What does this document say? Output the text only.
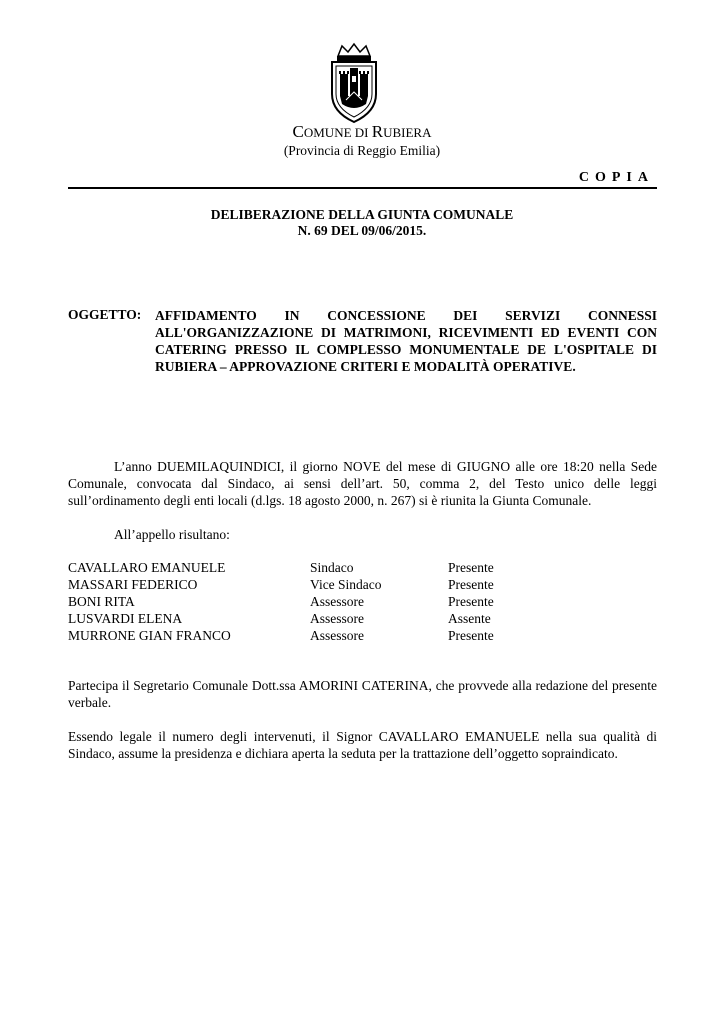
COMUNE DI RUBIERA
(Provincia di Reggio Emilia)
COPIA
DELIBERAZIONE DELLA GIUNTA COMUNALE
N. 69 DEL 09/06/2015.
OGGETTO: AFFIDAMENTO IN CONCESSIONE DEI SERVIZI CONNESSI ALL'ORGANIZZAZIONE DI MATRIMONI, RICEVIMENTI ED EVENTI CON CATERING PRESSO IL COMPLESSO MONUMENTALE DE L'OSPITALE DI RUBIERA – APPROVAZIONE CRITERI E MODALITÀ OPERATIVE.
L’anno DUEMILAQUINDICI, il giorno NOVE del mese di GIUGNO alle ore 18:20 nella Sede Comunale, convocata dal Sindaco, ai sensi dell’art. 50, comma 2, del Testo unico delle leggi sull’ordinamento degli enti locali (d.lgs. 18 agosto 2000, n. 267) si è riunita la Giunta Comunale.
All’appello risultano:
CAVALLARO EMANUELE	Sindaco	Presente
MASSARI FEDERICO	Vice Sindaco	Presente
BONI RITA	Assessore	Presente
LUSVARDI ELENA	Assessore	Assente
MURRONE GIAN FRANCO	Assessore	Presente
Partecipa il Segretario Comunale Dott.ssa AMORINI CATERINA, che provvede alla redazione del presente verbale.
Essendo legale il numero degli intervenuti, il Signor CAVALLARO EMANUELE nella sua qualità di Sindaco, assume la presidenza e dichiara aperta la seduta per la trattazione dell’oggetto sopraindicato.
